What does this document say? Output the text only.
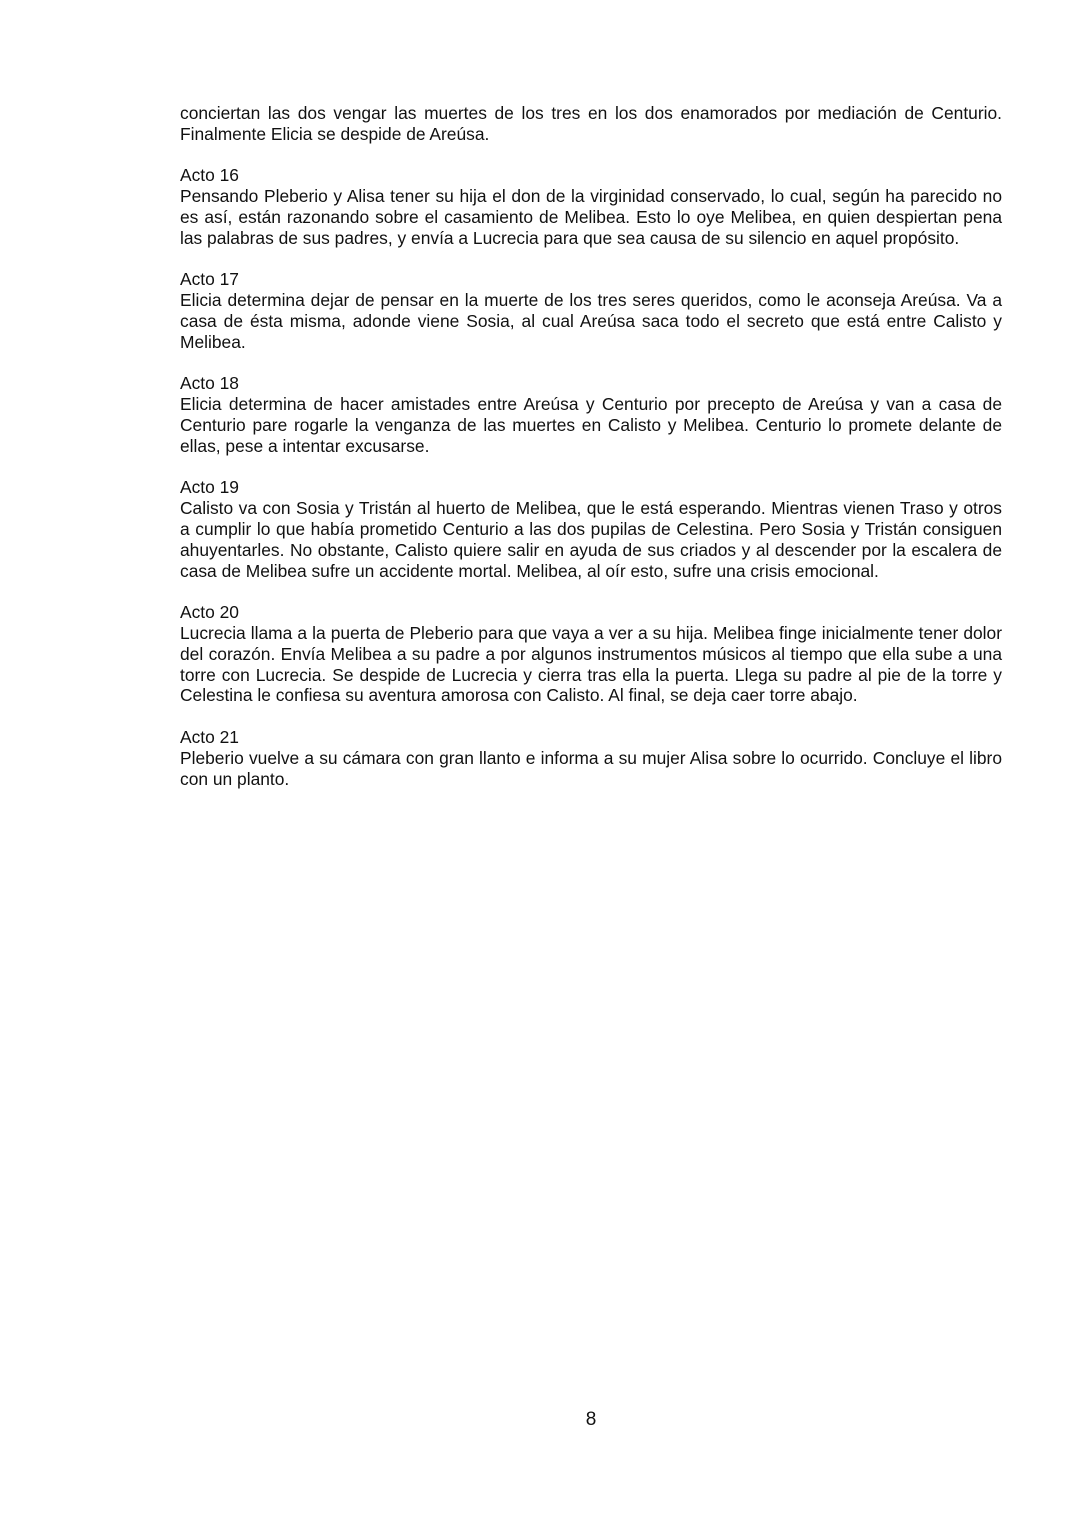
conciertan las dos vengar las muertes de los tres en los dos enamorados por mediación de Centurio. Finalmente Elicia se despide de Areúsa.

Acto 16

Pensando Pleberio y Alisa tener su hija el don de la virginidad conservado, lo cual, según ha parecido no es así, están razonando sobre el casamiento de Melibea. Esto lo oye Melibea, en quien despiertan pena las palabras de sus padres, y envía a Lucrecia para que sea causa de su silencio en aquel propósito.

Acto 17

Elicia determina dejar de pensar en la muerte de los tres seres queridos, como le aconseja Areúsa. Va a casa de ésta misma, adonde viene Sosia, al cual Areúsa saca todo el secreto que está entre Calisto y Melibea.

Acto 18

Elicia determina de hacer amistades entre Areúsa y Centurio por precepto de Areúsa y van a casa de Centurio pare rogarle la venganza de las muertes en Calisto y Melibea. Centurio lo promete delante de ellas, pese a intentar excusarse.

Acto 19

Calisto va con Sosia y Tristán al huerto de Melibea, que le está esperando. Mientras vienen Traso y otros a cumplir lo que había prometido Centurio a las dos pupilas de Celestina. Pero Sosia y Tristán consiguen ahuyentarles. No obstante, Calisto quiere salir en ayuda de sus criados y al descender por la escalera de casa de Melibea sufre un accidente mortal. Melibea, al oír esto, sufre una crisis emocional.

Acto 20

Lucrecia llama a la puerta de Pleberio para que vaya a ver a su hija. Melibea finge inicialmente tener dolor del corazón. Envía Melibea a su padre a por algunos instrumentos músicos al tiempo que ella sube a una torre con Lucrecia. Se despide de Lucrecia y cierra tras ella la puerta. Llega su padre al pie de la torre y Celestina le confiesa su aventura amorosa con Calisto. Al final, se deja caer torre abajo.

Acto 21

Pleberio vuelve a su cámara con gran llanto e informa a su mujer Alisa sobre lo ocurrido. Concluye el libro con un planto.

8
